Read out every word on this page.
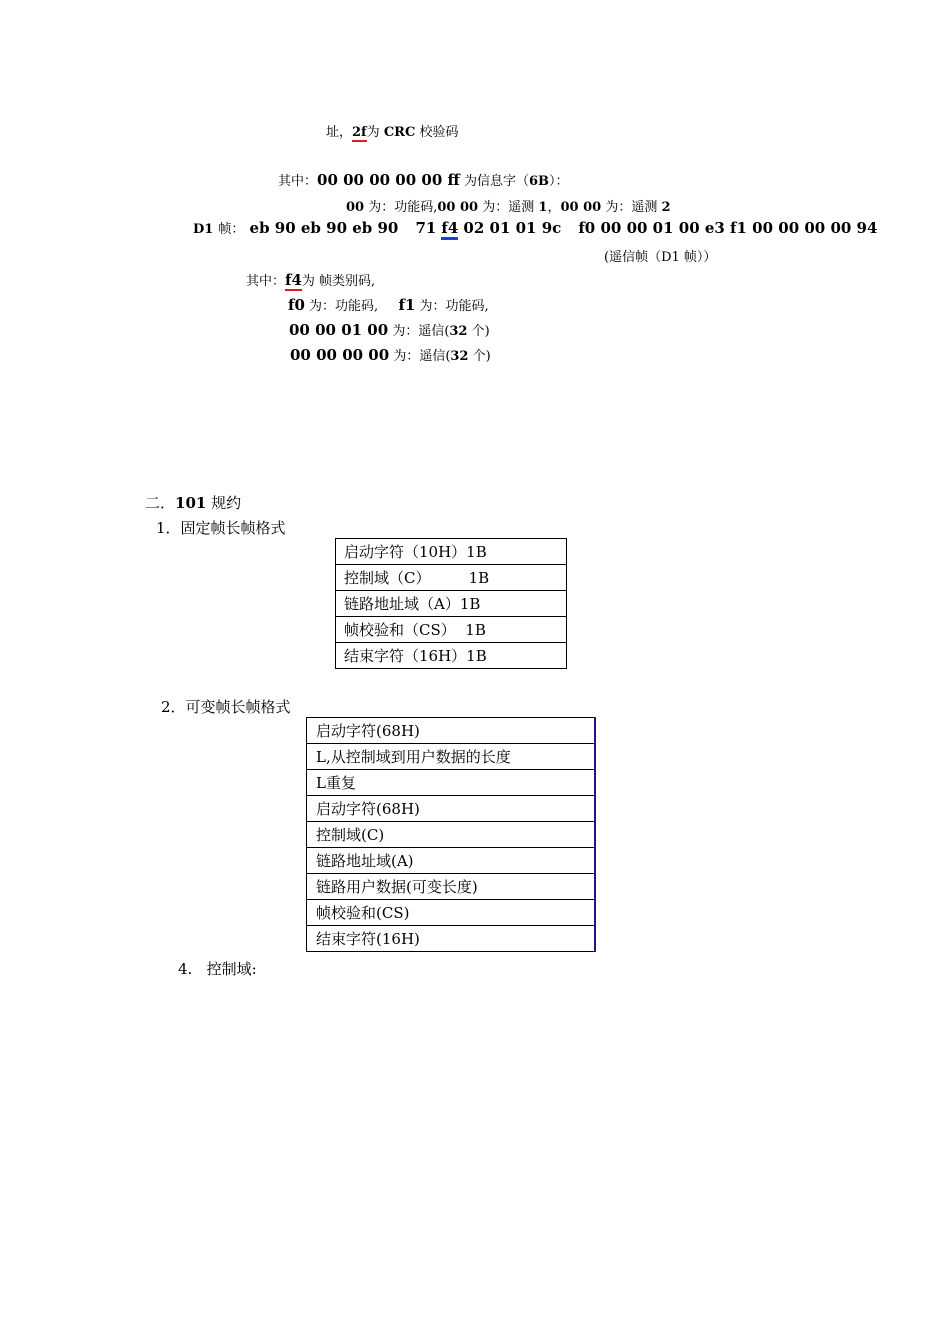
址，2f为 CRC 校验码
其中：00 00 00 00 00 ff 为信息字（6B）：
00 为：功能码,00 00 为：遥测 1，00 00 为：遥测 2
D1 帧： eb 90 eb 90 eb 90 71 f4 02 01 01 9c f0 00 00 01 00 e3 f1 00 00 00 00 94
(遥信帧（D1 帧））
其中：f4为 帧类别码,
f0 为：功能码, f1 为：功能码,
00 00 01 00 为：遥信(32 个)
00 00 00 00 为：遥信(32 个)
二．101 规约
1．固定帧长帧格式
启动字符（10H）1B
控制域（C）        1B
链路地址域（A）1B
帧校验和（CS）  1B
结束字符（16H）1B
2．可变帧长帧格式
启动字符(68H)
L,从控制域到用户数据的长度
L重复
启动字符(68H)
控制域(C)
链路地址域(A)
链路用户数据(可变长度)
帧校验和(CS)
结束字符(16H)
4.   控制域:
